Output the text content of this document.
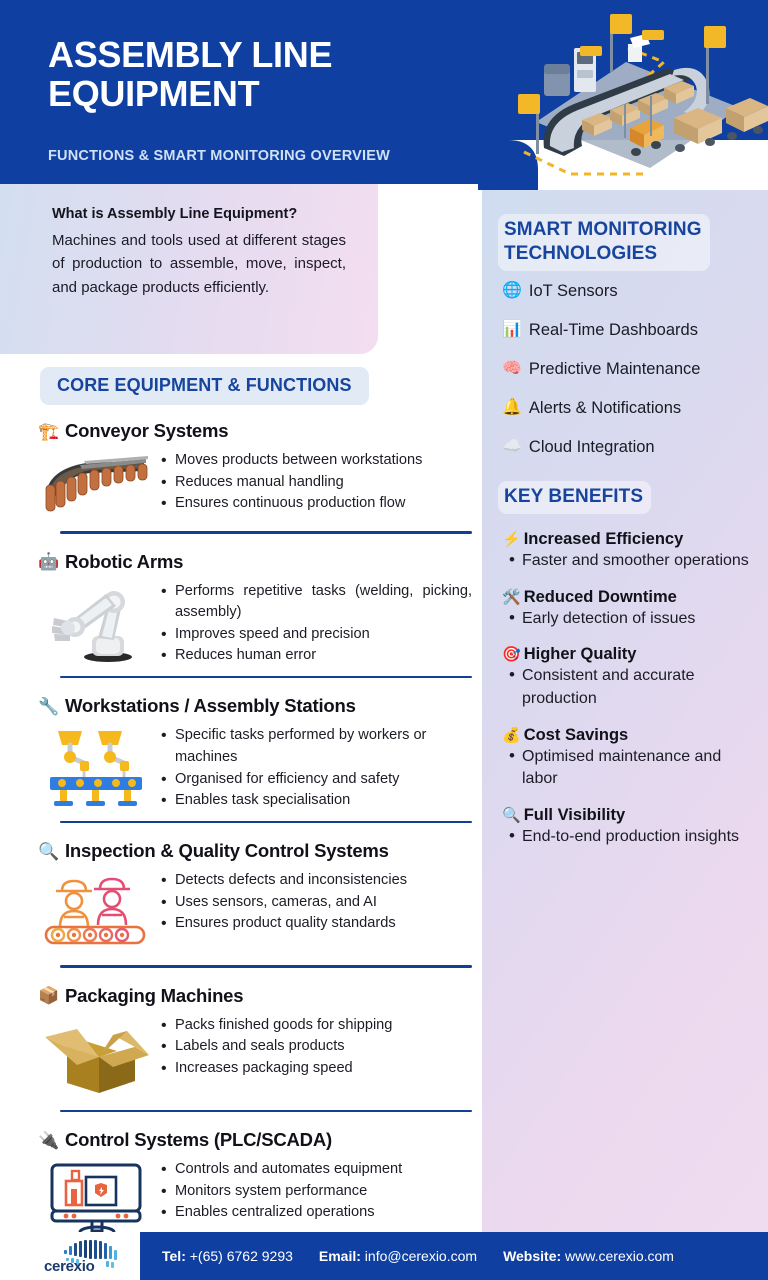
ASSEMBLY LINE
EQUIPMENT
FUNCTIONS & SMART MONITORING OVERVIEW
What is Assembly Line Equipment?
Machines and tools used at different stages of production to assemble, move, inspect, and package products efficiently.
CORE EQUIPMENT & FUNCTIONS
🏗️ Conveyor Systems
• Moves products between workstations
• Reduces manual handling
• Ensures continuous production flow
🤖 Robotic Arms
• Performs repetitive tasks (welding, picking, assembly)
• Improves speed and precision
• Reduces human error
🔧 Workstations / Assembly Stations
• Specific tasks performed by workers or machines
• Organised for efficiency and safety
• Enables task specialisation
🔍 Inspection & Quality Control Systems
• Detects defects and inconsistencies
• Uses sensors, cameras, and AI
• Ensures product quality standards
📦 Packaging Machines
• Packs finished goods for shipping
• Labels and seals products
• Increases packaging speed
🔌 Control Systems (PLC/SCADA)
• Controls and automates equipment
• Monitors system performance
• Enables centralized operations
SMART MONITORING
TECHNOLOGIES
🌐 IoT Sensors
📊 Real-Time Dashboards
🧠 Predictive Maintenance
🔔 Alerts & Notifications
☁️ Cloud Integration
KEY BENEFITS
⚡ Increased Efficiency
• Faster and smoother operations
🛠️ Reduced Downtime
• Early detection of issues
🎯 Higher Quality
• Consistent and accurate production
💰 Cost Savings
• Optimised maintenance and labor
🔍 Full Visibility
• End-to-end production insights
cerexio
Tel: +(65) 6762 9293 Email: info@cerexio.com Website: www.cerexio.com
